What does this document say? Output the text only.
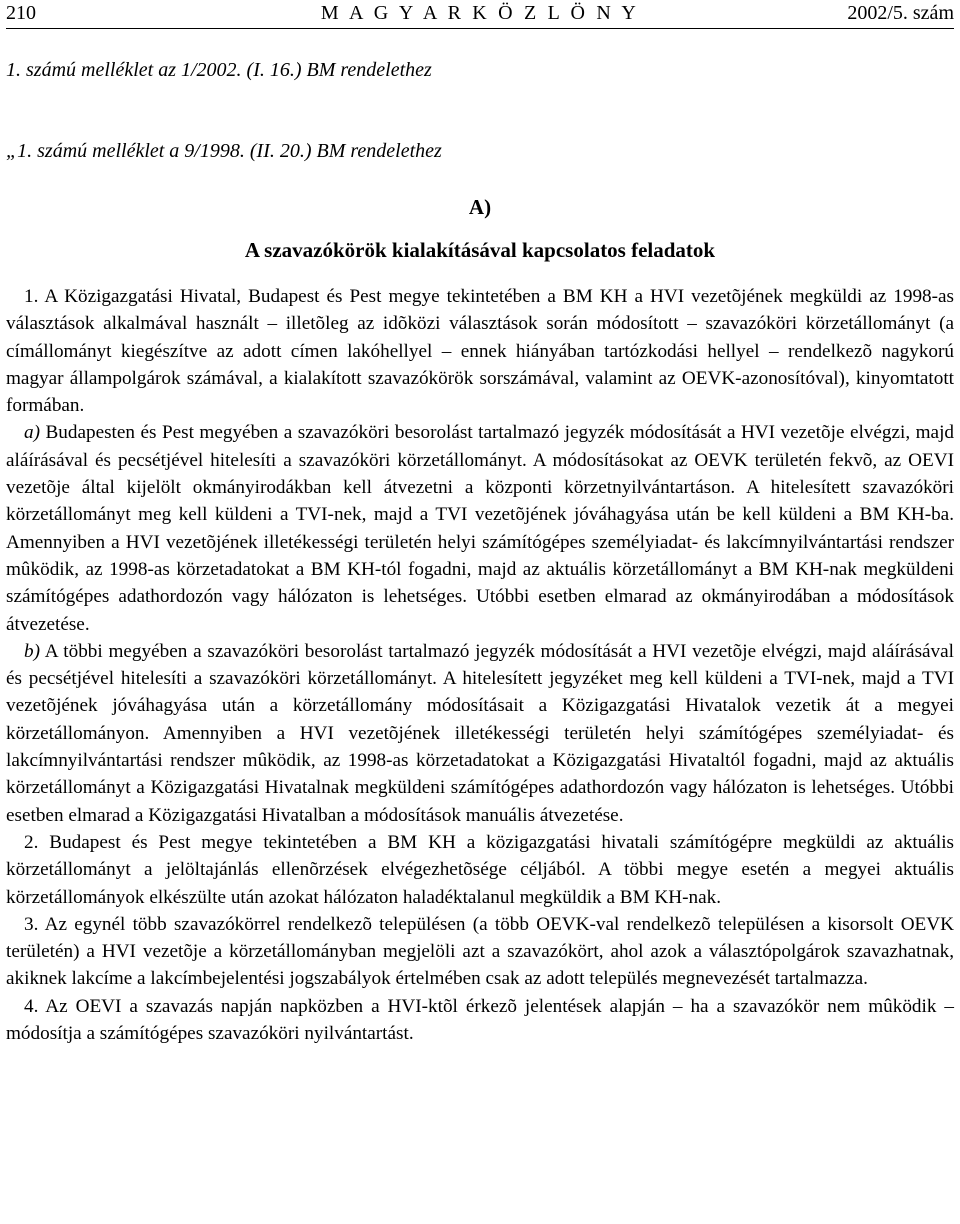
210	M A G Y A R K Ö Z L Ö N Y	2002/5. szám
1. számú melléklet az 1/2002. (I. 16.) BM rendelethez
„1. számú melléklet a 9/1998. (II. 20.) BM rendelethez
A)
A szavazókörök kialakításával kapcsolatos feladatok

1. A Közigazgatási Hivatal, Budapest és Pest megye tekintetében a BM KH a HVI vezetõjének megküldi az 1998-as választások alkalmával használt – illetõleg az idõközi választások során módosított – szavazóköri körzetállományt (a címállományt kiegészítve az adott címen lakóhellyel – ennek hiányában tartózkodási hellyel – rendelkezõ nagykorú magyar állampolgárok számával, a kialakított szavazókörök sorszámával, valamint az OEVK-azonosítóval), kinyomtatott formában.

a) Budapesten és Pest megyében a szavazóköri besorolást tartalmazó jegyzék módosítását a HVI vezetõje elvégzi, majd aláírásával és pecsétjével hitelesíti a szavazóköri körzetállományt. A módosításokat az OEVK területén fekvõ, az OEVI vezetõje által kijelölt okmányirodákban kell átvezetni a központi körzetnyilvántartáson. A hitelesített szavazóköri körzetállományt meg kell küldeni a TVI-nek, majd a TVI vezetõjének jóváhagyása után be kell küldeni a BM KH-ba. Amennyiben a HVI vezetõjének illetékességi területén helyi számítógépes személyiadat- és lakcímnyilvántartási rendszer mûködik, az 1998-as körzetadatokat a BM KH-tól fogadni, majd az aktuális körzetállományt a BM KH-nak megküldeni számítógépes adathordozón vagy hálózaton is lehetséges. Utóbbi esetben elmarad az okmányirodában a módosítások átvezetése.

b) A többi megyében a szavazóköri besorolást tartalmazó jegyzék módosítását a HVI vezetõje elvégzi, majd aláírásával és pecsétjével hitelesíti a szavazóköri körzetállományt. A hitelesített jegyzéket meg kell küldeni a TVI-nek, majd a TVI vezetõjének jóváhagyása után a körzetállomány módosításait a Közigazgatási Hivatalok vezetik át a megyei körzetállományon. Amennyiben a HVI vezetõjének illetékességi területén helyi számítógépes személyiadat- és lakcímnyilvántartási rendszer mûködik, az 1998-as körzetadatokat a Közigazgatási Hivataltól fogadni, majd az aktuális körzetállományt a Közigazgatási Hivatalnak megküldeni számítógépes adathordozón vagy hálózaton is lehetséges. Utóbbi esetben elmarad a Közigazgatási Hivatalban a módosítások manuális átvezetése.

2. Budapest és Pest megye tekintetében a BM KH a közigazgatási hivatali számítógépre megküldi az aktuális körzetállományt a jelöltajánlás ellenõrzések elvégezhetõsége céljából. A többi megye esetén a megyei aktuális körzetállományok elkészülte után azokat hálózaton haladéktalanul megküldik a BM KH-nak.

3. Az egynél több szavazókörrel rendelkezõ településen (a több OEVK-val rendelkezõ településen a kisorsolt OEVK területén) a HVI vezetõje a körzetállományban megjelöli azt a szavazókört, ahol azok a választópolgárok szavazhatnak, akiknek lakcíme a lakcímbejelentési jogszabályok értelmében csak az adott település megnevezését tartalmazza.

4. Az OEVI a szavazás napján napközben a HVI-ktõl érkezõ jelentések alapján – ha a szavazókör nem mûködik – módosítja a számítógépes szavazóköri nyilvántartást.
